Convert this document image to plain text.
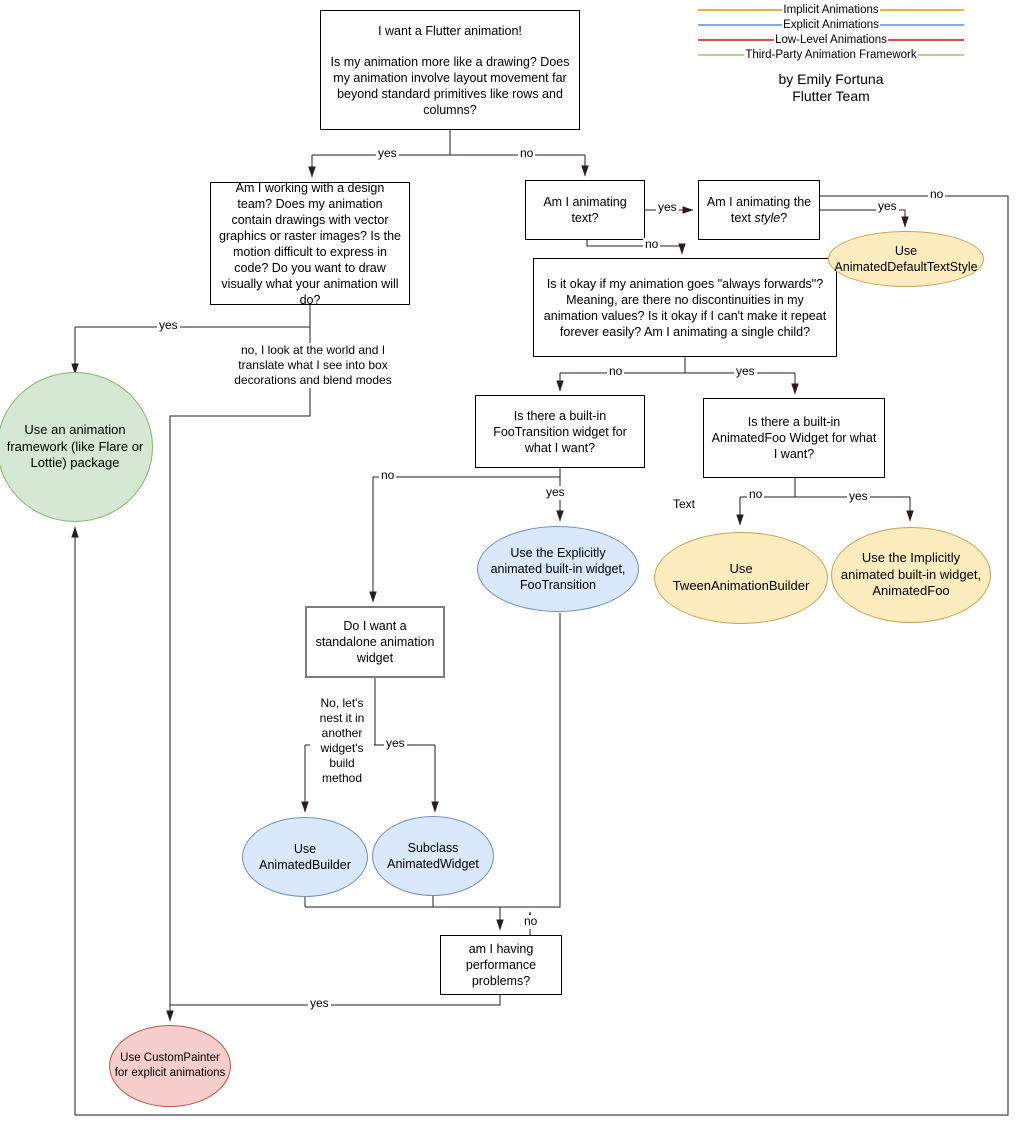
Implicit Animations
Explicit Animations
Low-Level Animations
Third-Party Animation Framework
by Emily Fortuna
Flutter Team
I want a Flutter animation!
Is my animation more like a drawing? Does my animation involve layout movement far beyond standard primitives like rows and columns?
Am I working with a design team? Does my animation contain drawings with vector graphics or raster images? Is the motion difficult to express in code? Do you want to draw visually what your animation will do?
Am I animating text?
Am I animating the text style?
Is it okay if my animation goes "always forwards"? Meaning, are there no discontinuities in my animation values? Is it okay if I can't make it repeat forever easily? Am I animating a single child?
Is there a built-in FooTransition widget for what I want?
Is there a built-in AnimatedFoo Widget for what I want?
Do I want a standalone animation widget
am I having performance problems?
Use an animation framework (like Flare or Lottie) package
Use AnimatedDefaultTextStyle
Use the Explicitly animated built-in widget, FooTransition
Use TweenAnimationBuilder
Use the Implicitly animated built-in widget, AnimatedFoo
Use AnimatedBuilder
Subclass AnimatedWidget
Use CustomPainter for explicit animations
yes	no
yes
no, I look at the world and I translate what I see into box decorations and blend modes
yes
no
no
yes
no	yes
yes
no
no	yes
Text
No, let's nest it in another widget's build method
yes
no
yes
